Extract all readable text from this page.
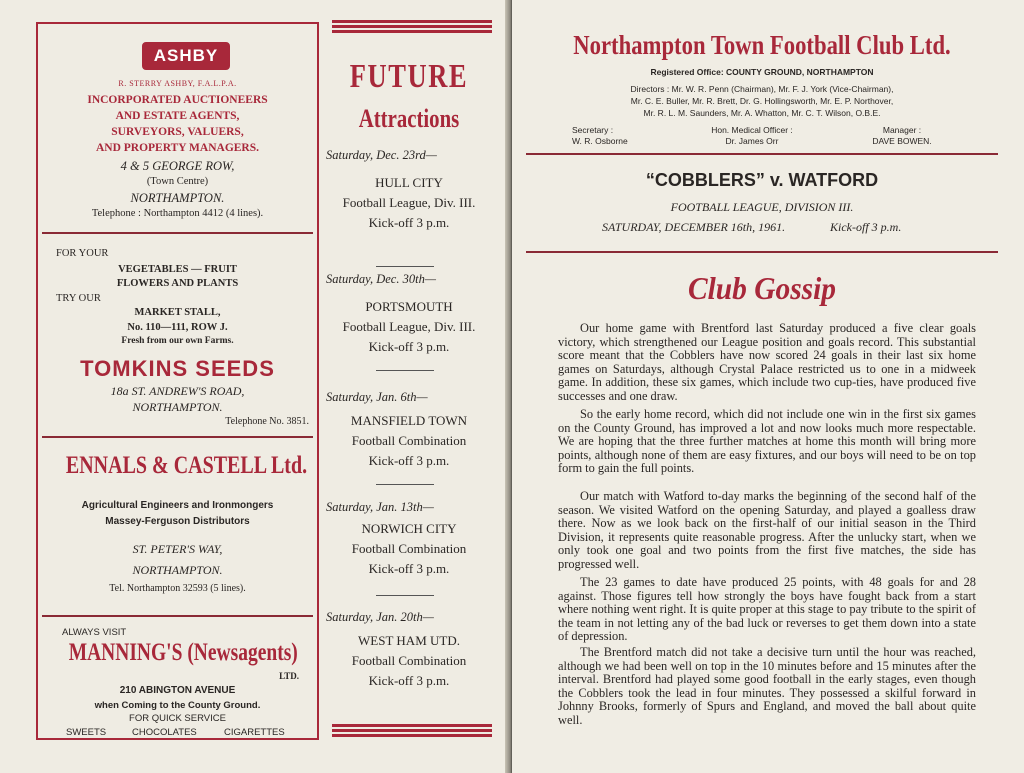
ASHBY
R. STERRY ASHBY, F.A.L.P.A.
INCORPORATED AUCTIONEERS
AND ESTATE AGENTS,
SURVEYORS, VALUERS,
AND PROPERTY MANAGERS.
4 & 5 GEORGE ROW,
(Town Centre)
NORTHAMPTON.
Telephone : Northampton 4412 (4 lines).
FOR YOUR
VEGETABLES — FRUIT
FLOWERS AND PLANTS
TRY OUR
MARKET STALL,
No. 110—111, ROW J.
Fresh from our own Farms.
TOMKINS SEEDS
18a ST. ANDREW'S ROAD,
NORTHAMPTON.
Telephone No. 3851.
ENNALS & CASTELL Ltd.
Agricultural Engineers and Ironmongers
Massey-Ferguson Distributors
ST. PETER'S WAY,
NORTHAMPTON.
Tel. Northampton 32593 (5 lines).
ALWAYS VISIT
MANNING'S (Newsagents)
LTD.
210 ABINGTON AVENUE
when Coming to the County Ground.
FOR QUICK SERVICE
SWEETS	CHOCOLATES	CIGARETTES
FUTURE
Attractions
Saturday, Dec. 23rd—
HULL CITY
Football League, Div. III.
Kick-off 3 p.m.
Saturday, Dec. 30th—
PORTSMOUTH
Football League, Div. III.
Kick-off 3 p.m.
Saturday, Jan. 6th—
MANSFIELD TOWN
Football Combination
Kick-off 3 p.m.
Saturday, Jan. 13th—
NORWICH CITY
Football Combination
Kick-off 3 p.m.
Saturday, Jan. 20th—
WEST HAM UTD.
Football Combination
Kick-off 3 p.m.
Northampton Town Football Club Ltd.
Registered Office: COUNTY GROUND, NORTHAMPTON
Directors : Mr. W. R. Penn (Chairman), Mr. F. J. York (Vice-Chairman),
Mr. C. E. Buller, Mr. R. Brett, Dr. G. Hollingsworth, Mr. E. P. Northover,
Mr. R. L. M. Saunders, Mr. A. Whatton, Mr. C. T. Wilson, O.B.E.
Secretary :
W. R. Osborne
Hon. Medical Officer :
Dr. James Orr
Manager :
DAVE BOWEN.
“COBBLERS” v. WATFORD
FOOTBALL LEAGUE, DIVISION III.
SATURDAY, DECEMBER 16th, 1961.	Kick-off 3 p.m.
Club Gossip
Our home game with Brentford last Saturday produced a five clear goals victory, which strengthened our League position and goals record. This substantial score meant that the Cobblers have now scored 24 goals in their last six home games on Saturdays, although Crystal Palace restricted us to one in a midweek game. In addition, these six games, which include two cup-ties, have produced five successes and one draw.
So the early home record, which did not include one win in the first six games on the County Ground, has improved a lot and now looks much more respectable. We are hoping that the three further matches at home this month will bring more points, although none of them are easy fixtures, and our boys will need to be on top form to gain the full points.
Our match with Watford to-day marks the beginning of the second half of the season. We visited Watford on the opening Saturday, and played a goalless draw there. Now as we look back on the first-half of our initial season in the Third Division, it represents quite reasonable progress. After the unlucky start, when we only took one goal and two points from the first five matches, the side has progressed well.
The 23 games to date have produced 25 points, with 48 goals for and 28 against. Those figures tell how strongly the boys have fought back from a start where nothing went right. It is quite proper at this stage to pay tribute to the spirit of the team in not letting any of the bad luck or reverses to get them down into a state of depression.
The Brentford match did not take a decisive turn until the hour was reached, although we had been well on top in the 10 minutes before and 15 minutes after the interval. Brentford had played some good football in the early stages, even though the Cobblers took the lead in four minutes. They possessed a skilful forward in Johnny Brooks, formerly of Spurs and England, and moved the ball about quite well.
